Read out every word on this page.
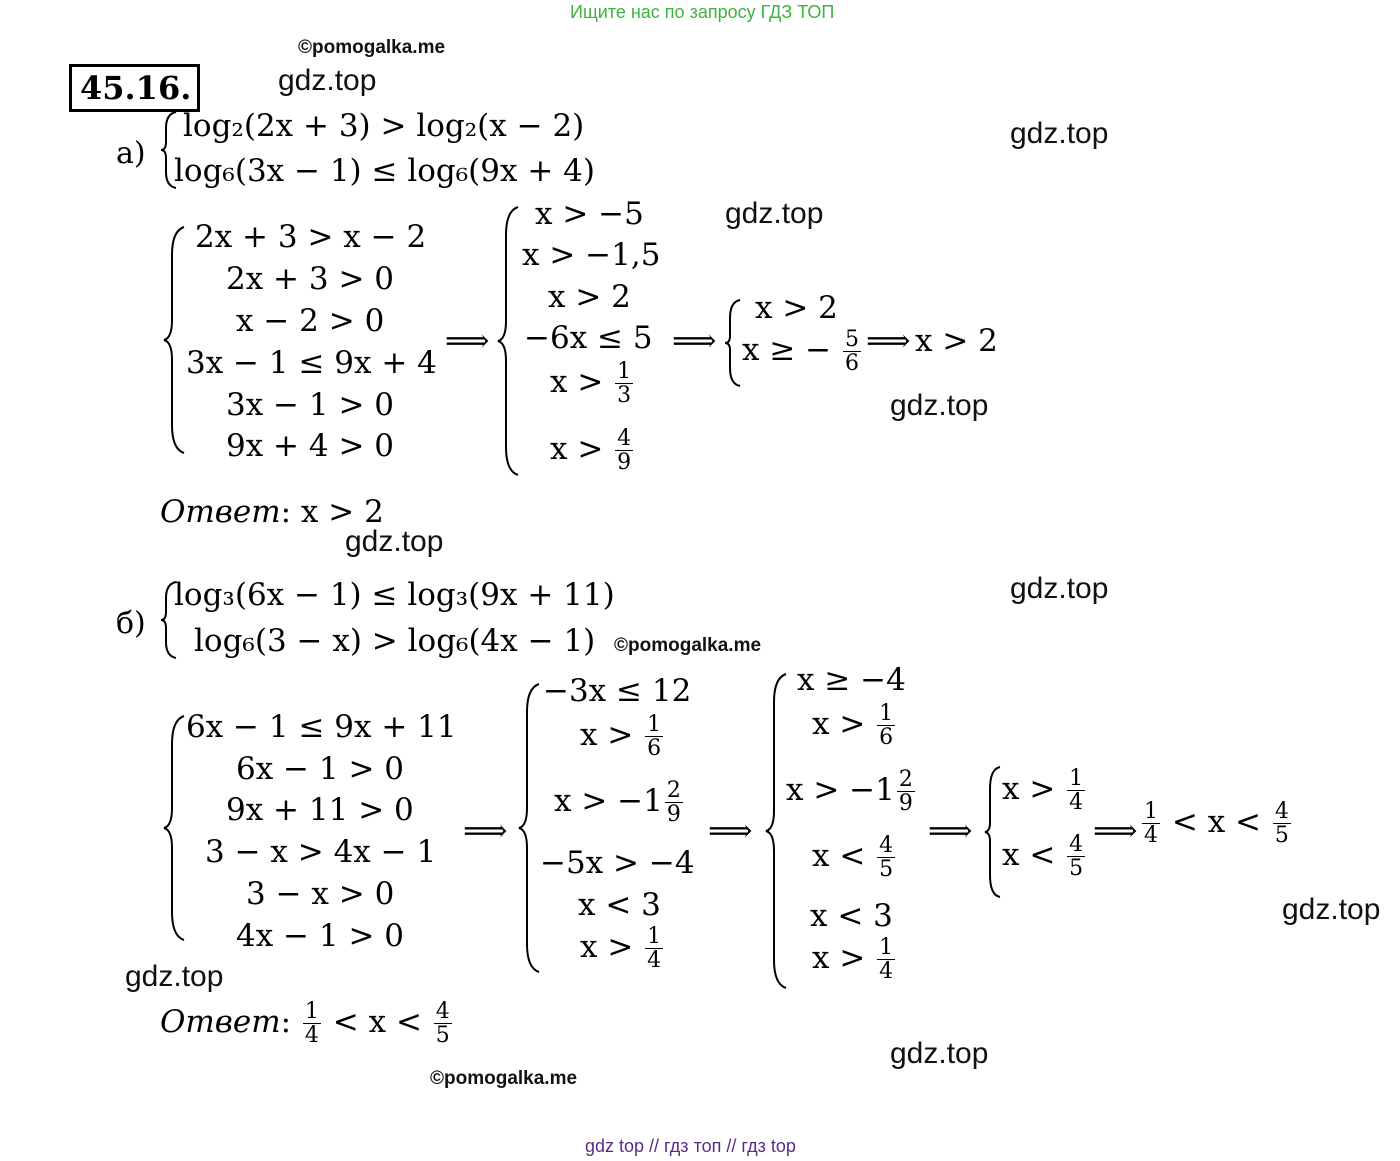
Ищите нас по запросу ГДЗ ТОП
gdz top // гдз топ // гдз top
©pomogalka.me
©pomogalka.me
©pomogalka.me
gdz.top
gdz.top
gdz.top
gdz.top
gdz.top
gdz.top
gdz.top
gdz.top
gdz.top
45.16.
а)
log₂(2x + 3) > log₂(x − 2)
log₆(3x − 1) ≤ log₆(9x + 4)
2x + 3 > x − 2
2x + 3 > 0
x − 2 > 0
3x − 1 ≤ 9x + 4
3x − 1 > 0
9x + 4 > 0
⟹
x > −5
x > −1,5
x > 2
−6x ≤ 5
$x > \frac{1}{3}$
$x > \frac{4}{9}$
⟹
x > 2
x ≥ − $\frac{5}{6}$ ⟹ x > 2
Ответ: x > 2
б)
log₃(6x − 1) ≤ log₃(9x + 11)
log₆(3 − x) > log₆(4x − 1)
6x − 1 ≤ 9x + 11
6x − 1 > 0
9x + 11 > 0
3 − x > 4x − 1
3 − x > 0
4x − 1 > 0
⟹
−3x ≤ 12
$x > \frac{1}{6}$
$x > -1 \frac{2}{9}$
−5x > −4
x < 3
$x > \frac{1}{4}$
⟹
x ≥ −4
$x > \frac{1}{6}$
$x > -1 \frac{2}{9}$
$x < \frac{4}{5}$
x < 3
$x > \frac{1}{4}$
⟹
$x > \frac{1}{4}$
$x < \frac{4}{5}$
⟹ $\frac{1}{4} < x < \frac{4}{5}$
Ответ: $\frac{1}{4} < x < \frac{4}{5}$
